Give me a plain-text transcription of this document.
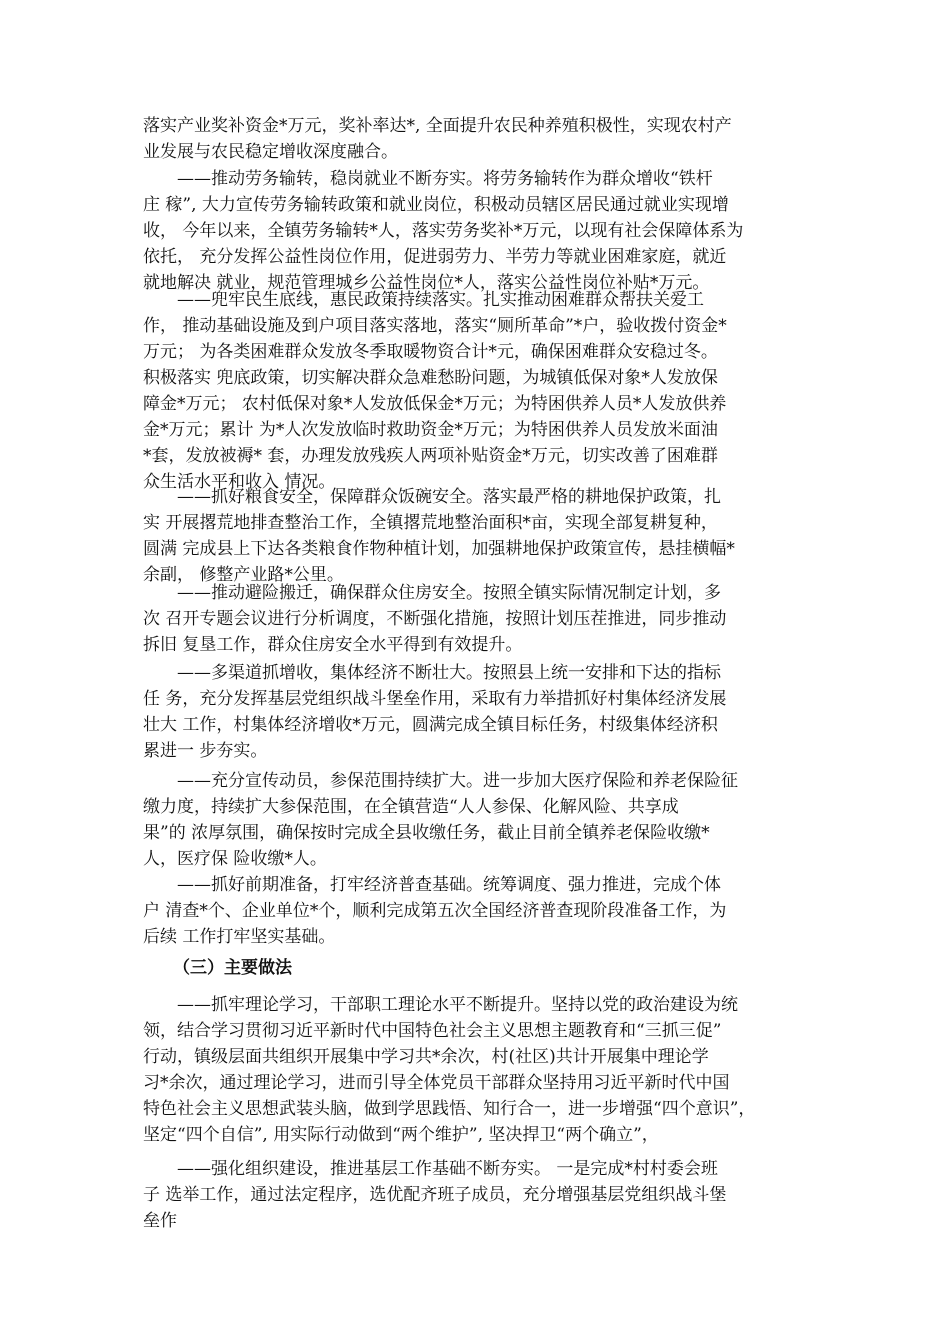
落实产业奖补资金*万元，奖补率达*, 全面提升农民种养殖积极性，实现农村产
业发展与农民稳定增收深度融合。
　　——推动劳务输转，稳岗就业不断夯实。将劳务输转作为群众增收“铁杆
庄 稼”, 大力宣传劳务输转政策和就业岗位，积极动员辖区居民通过就业实现增
收， 今年以来，全镇劳务输转*人，落实劳务奖补*万元，以现有社会保障体系为
依托， 充分发挥公益性岗位作用，促进弱劳力、半劳力等就业困难家庭，就近
就地解决 就业，规范管理城乡公益性岗位*人，落实公益性岗位补贴*万元。
　　——兜牢民生底线，惠民政策持续落实。扎实推动困难群众帮扶关爱工
作， 推动基础设施及到户项目落实落地，落实“厕所革命”*户，验收拨付资金*
万元； 为各类困难群众发放冬季取暖物资合计*元，确保困难群众安稳过冬。
积极落实 兜底政策，切实解决群众急难愁盼问题，为城镇低保对象*人发放保
障金*万元； 农村低保对象*人发放低保金*万元；为特困供养人员*人发放供养
金*万元；累计 为*人次发放临时救助资金*万元；为特困供养人员发放米面油
*套，发放被褥* 套，办理发放残疾人两项补贴资金*万元，切实改善了困难群
众生活水平和收入 情况。
　　——抓好粮食安全，保障群众饭碗安全。落实最严格的耕地保护政策，扎
实 开展撂荒地排查整治工作，全镇撂荒地整治面积*亩，实现全部复耕复种，
圆满 完成县上下达各类粮食作物种植计划，加强耕地保护政策宣传，悬挂横幅*
余副， 修整产业路*公里。
　　——推动避险搬迁，确保群众住房安全。按照全镇实际情况制定计划，多
次 召开专题会议进行分析调度，不断强化措施，按照计划压茬推进，同步推动
拆旧 复垦工作，群众住房安全水平得到有效提升。
　　——多渠道抓增收，集体经济不断壮大。按照县上统一安排和下达的指标
任 务，充分发挥基层党组织战斗堡垒作用，采取有力举措抓好村集体经济发展
壮大 工作，村集体经济增收*万元，圆满完成全镇目标任务，村级集体经济积
累进一 步夯实。
　　——充分宣传动员，参保范围持续扩大。进一步加大医疗保险和养老保险征
缴力度，持续扩大参保范围，在全镇营造“人人参保、化解风险、共享成
果”的 浓厚氛围，确保按时完成全县收缴任务，截止目前全镇养老保险收缴*
人，医疗保 险收缴*人。
　　——抓好前期准备，打牢经济普查基础。统筹调度、强力推进，完成个体
户 清查*个、企业单位*个，顺利完成第五次全国经济普查现阶段准备工作，为
后续 工作打牢坚实基础。
（三）主要做法
　　——抓牢理论学习，干部职工理论水平不断提升。坚持以党的政治建设为统
领，结合学习贯彻习近平新时代中国特色社会主义思想主题教育和“三抓三促”
行动，镇级层面共组织开展集中学习共*余次，村(社区)共计开展集中理论学
习*余次，通过理论学习，进而引导全体党员干部群众坚持用习近平新时代中国
特色社会主义思想武装头脑，做到学思践悟、知行合一，进一步增强“四个意识”，
坚定“四个自信”, 用实际行动做到“两个维护”, 坚决捍卫“两个确立”，
　　——强化组织建设，推进基层工作基础不断夯实。 一是完成*村村委会班
子 选举工作，通过法定程序，选优配齐班子成员，充分增强基层党组织战斗堡
垒作
